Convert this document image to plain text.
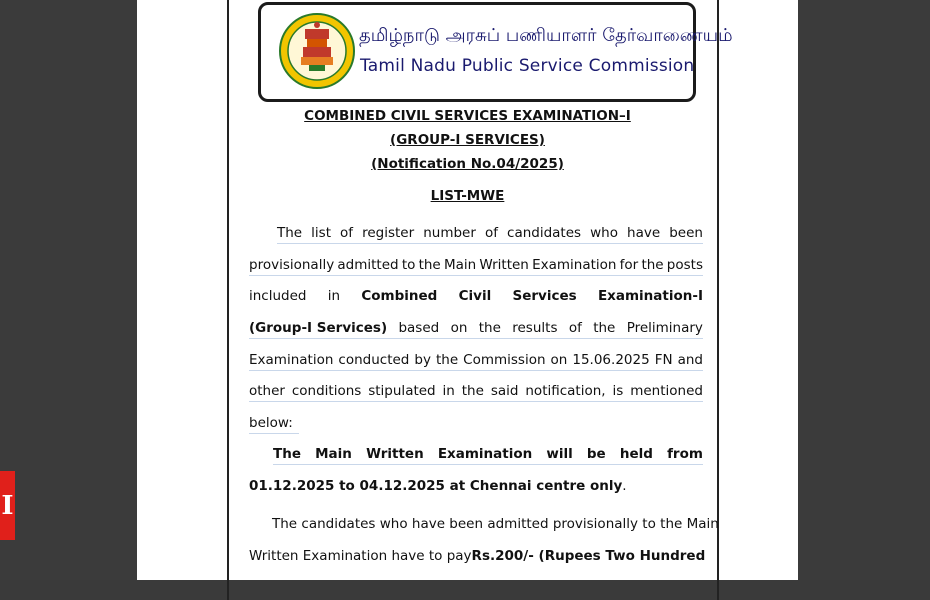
தமிழ்நாடு அரசுப் பணியாளர் தேர்வாணையம்
Tamil Nadu Public Service Commission
COMBINED CIVIL SERVICES EXAMINATION–I
(GROUP-I SERVICES)
(Notification No.04/2025)
LIST-MWE
The list of register number of candidates who have been
provisionally admitted to the Main Written Examination for the posts
included in Combined Civil Services Examination-I
(Group-I Services) based on the results of the Preliminary
Examination conducted by the Commission on 15.06.2025 FN and
other conditions stipulated in the said notification, is mentioned
below:
The Main Written Examination will be held from
01.12.2025 to 04.12.2025 at Chennai centre only .
The candidates who have been admitted provisionally to the Main
Written Examination have to pay Rs.200/- (Rupees Two Hundred
I
